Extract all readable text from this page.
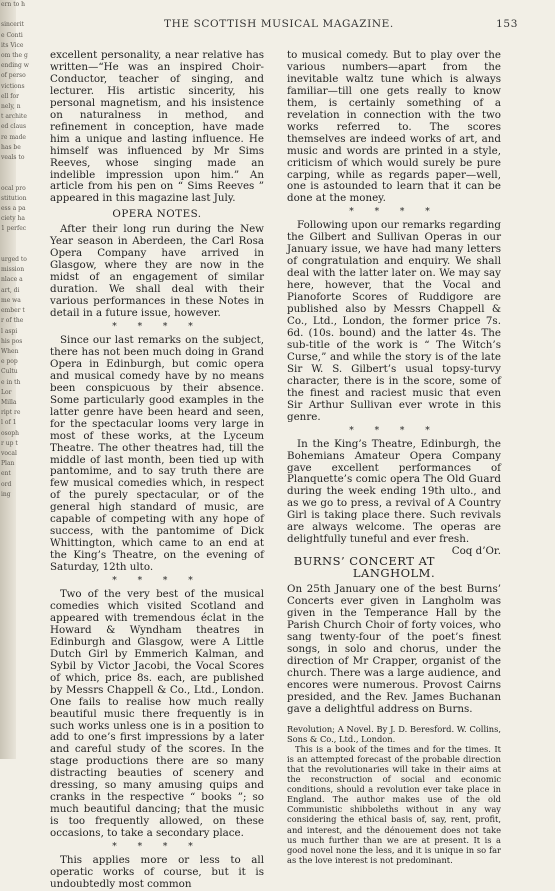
ern to h

sincerit
e Conti
its Vice
om the g
ending w
of perso
victions
ell for
nely, n
t archite
ed claus
re made
has be
veals to

ocal pro
stitution
ess a pa
ciety ha
1 perfec

urged to
mission
nlace a
art, di
me wa
ember t
r of the
l aspi
his pos
When
e pop
Cultu
e in th
Lor
Milla
ript re
l of 1
osoph
r up t
vocal
Plan
ent
ord
ing
THE SCOTTISH MUSICAL MAGAZINE.	153

excellent personality, a near relative has written—“He was an inspired Choir-Conductor, teacher of singing, and lecturer. His artistic sincerity, his personal magnetism, and his insistence on naturalness in method, and refinement in conception, have made him a unique and lasting influence. He himself was influenced by Mr Sims Reeves, whose singing made an indelible impression upon him.” An article from his pen on “ Sims Reeves ” appeared in this magazine last July.

OPERA NOTES.

After their long run during the New Year season in Aberdeen, the Carl Rosa Opera Company have arrived in Glasgow, where they are now in the midst of an engagement of similar duration. We shall deal with their various performances in these Notes in detail in a future issue, however.

* * * *

Since our last remarks on the subject, there has not been much doing in Grand Opera in Edinburgh, but comic opera and musical comedy have by no means been conspicuous by their absence. Some particularly good examples in the latter genre have been heard and seen, for the spectacular looms very large in most of these works, at the Lyceum Theatre. The other theatres had, till the middle of last month, been tied up with pantomime, and to say truth there are few musical comedies which, in respect of the purely spectacular, or of the general high standard of music, are capable of competing with any hope of success, with the pantomime of Dick Whittington, which came to an end at the King’s Theatre, on the evening of Saturday, 12th ulto.

* * * *

Two of the very best of the musical comedies which visited Scotland and appeared with tremendous éclat in the Howard & Wyndham theatres in Edinburgh and Glasgow, were A Little Dutch Girl by Emmerich Kalman, and Sybil by Victor Jacobi, the Vocal Scores of which, price 8s. each, are published by Messrs Chappell & Co., Ltd., London. One fails to realise how much really beautiful music there frequently is in such works unless one is in a position to add to one’s first impressions by a later and careful study of the scores. In the stage productions there are so many distracting beauties of scenery and dressing, so many amusing quips and cranks in the respective “ books ”; so much beautiful dancing; that the music is too frequently allowed, on these occasions, to take a secondary place.

* * * *

This applies more or less to all operatic works of course, but it is undoubtedly most common

to musical comedy. But to play over the various numbers—apart from the inevitable waltz tune which is always familiar—till one gets really to know them, is certainly something of a revelation in connection with the two works referred to. The scores themselves are indeed works of art, and music and words are printed in a style, criticism of which would surely be pure carping, while as regards paper—well, one is astounded to learn that it can be done at the money.

* * * *

Following upon our remarks regarding the Gilbert and Sullivan Operas in our January issue, we have had many letters of congratulation and enquiry. We shall deal with the latter later on. We may say here, however, that the Vocal and Pianoforte Scores of Ruddigore are published also by Messrs Chappell & Co., Ltd., London, the former price 7s. 6d. (10s. bound) and the latter 4s. The sub-title of the work is “ The Witch’s Curse,” and while the story is of the late Sir W. S. Gilbert’s usual topsy-turvy character, there is in the score, some of the finest and raciest music that even Sir Arthur Sullivan ever wrote in this genre.

* * * *

In the King’s Theatre, Edinburgh, the Bohemians Amateur Opera Company gave excellent performances of Planquette’s comic opera The Old Guard during the week ending 19th ulto., and as we go to press, a revival of A Country Girl is taking place there. Such revivals are always welcome. The operas are delightfully tuneful and ever fresh.
Coq d’Or.

BURNS’ CONCERT AT LANGHOLM.

On 25th January one of the best Burns’ Concerts ever given in Langholm was given in the Temperance Hall by the Parish Church Choir of forty voices, who sang twenty-four of the poet’s finest songs, in solo and chorus, under the direction of Mr Crapper, organist of the church. There was a large audience, and encores were numerous. Provost Cairns presided, and the Rev. James Buchanan gave a delightful address on Burns.

Revolution; A Novel. By J. D. Beresford. W. Collins, Sons & Co., Ltd., London.

This is a book of the times and for the times. It is an attempted forecast of the probable direction that the revolutionaries will take in their aims at the reconstruction of social and economic conditions, should a revolution ever take place in England. The author makes use of the old Communistic shibboleths without in any way considering the ethical basis of, say, rent, profit, and interest, and the dénouement does not take us much further than we are at present. It is a good novel none the less, and it is unique in so far as the love interest is not predominant.
